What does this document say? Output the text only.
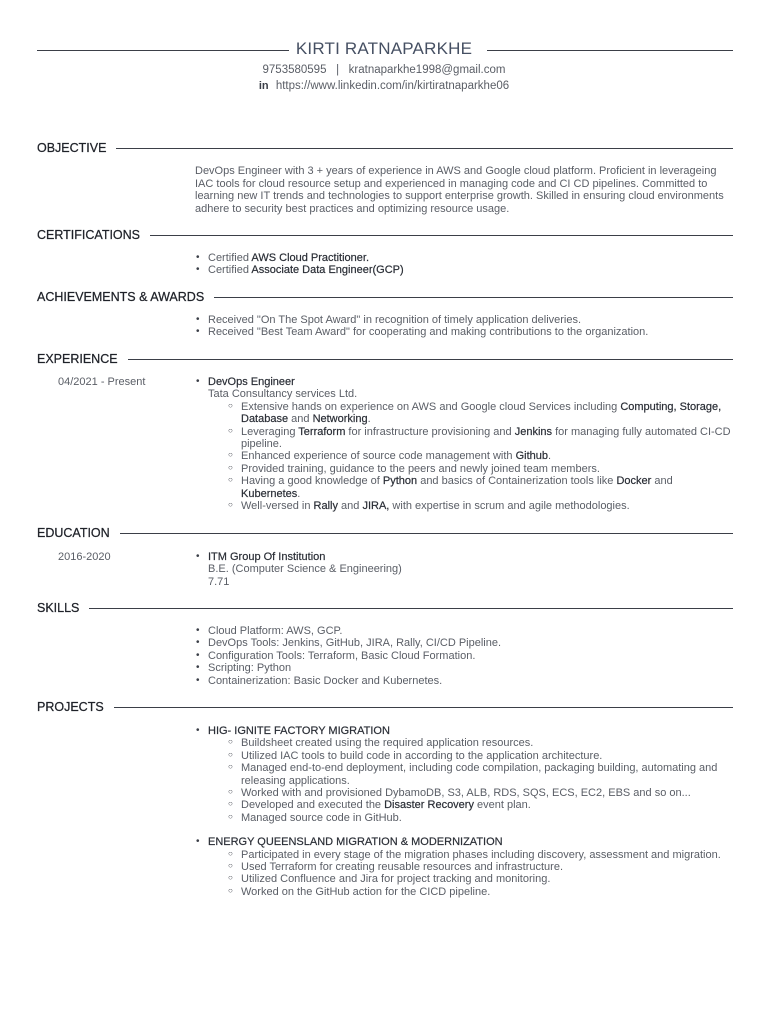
KIRTI RATNAPARKHE
9753580595 | kratnaparkhe1998@gmail.com
in https://www.linkedin.com/in/kirtiratnaparkhe06
OBJECTIVE
DevOps Engineer with 3 + years of experience in AWS and Google cloud platform. Proficient in leverageing IAC tools for cloud resource setup and experienced in managing code and CI CD pipelines. Committed to learning new IT trends and technologies to support enterprise growth. Skilled in ensuring cloud environments adhere to security best practices and optimizing resource usage.
CERTIFICATIONS
• Certified AWS Cloud Practitioner.
• Certified Associate Data Engineer(GCP)
ACHIEVEMENTS & AWARDS
• Received "On The Spot Award" in recognition of timely application deliveries.
• Received "Best Team Award" for cooperating and making contributions to the organization.
EXPERIENCE
04/2021 - Present	• DevOps Engineer
Tata Consultancy services Ltd.
○ Extensive hands on experience on AWS and Google cloud Services including Computing, Storage, Database and Networking.
○ Leveraging Terraform for infrastructure provisioning and Jenkins for managing fully automated CI-CD pipeline.
○ Enhanced experience of source code management with Github.
○ Provided training, guidance to the peers and newly joined team members.
○ Having a good knowledge of Python and basics of Containerization tools like Docker and Kubernetes.
○ Well-versed in Rally and JIRA, with expertise in scrum and agile methodologies.
EDUCATION
2016-2020	• ITM Group Of Institution
B.E. (Computer Science & Engineering)
7.71
SKILLS
• Cloud Platform: AWS, GCP.
• DevOps Tools: Jenkins, GitHub, JIRA, Rally, CI/CD Pipeline.
• Configuration Tools: Terraform, Basic Cloud Formation.
• Scripting: Python
• Containerization: Basic Docker and Kubernetes.
PROJECTS
• HIG- IGNITE FACTORY MIGRATION
○ Buildsheet created using the required application resources.
○ Utilized IAC tools to build code in according to the application architecture.
○ Managed end-to-end deployment, including code compilation, packaging building, automating and releasing applications.
○ Worked with and provisioned DybamoDB, S3, ALB, RDS, SQS, ECS, EC2, EBS and so on...
○ Developed and executed the Disaster Recovery event plan.
○ Managed source code in GitHub.
• ENERGY QUEENSLAND MIGRATION & MODERNIZATION
○ Participated in every stage of the migration phases including discovery, assessment and migration.
○ Used Terraform for creating reusable resources and infrastructure.
○ Utilized Confluence and Jira for project tracking and monitoring.
○ Worked on the GitHub action for the CICD pipeline.
